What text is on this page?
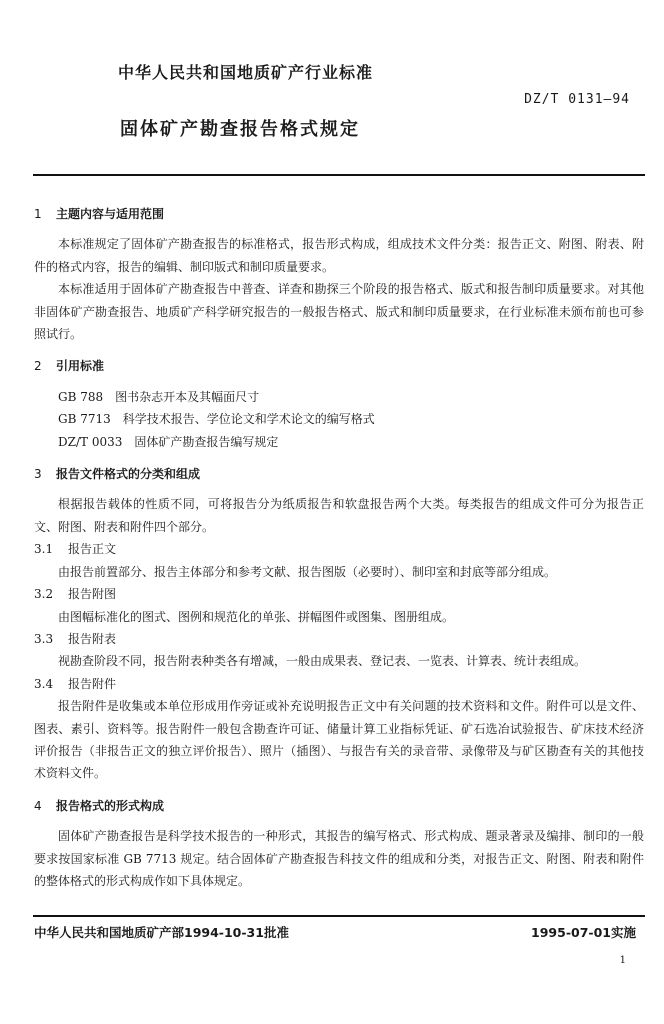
中华人民共和国地质矿产行业标准
DZ/T 0131—94
固体矿产勘查报告格式规定

1 主题内容与适用范围

本标准规定了固体矿产勘查报告的标准格式，报告形式构成，组成技术文件分类：报告正文、附图、附表、附件的格式内容，报告的编辑、制印版式和制印质量要求。

本标准适用于固体矿产勘查报告中普查、详查和勘探三个阶段的报告格式、版式和报告制印质量要求。对其他非固体矿产勘查报告、地质矿产科学研究报告的一般报告格式、版式和制印质量要求，在行业标准未颁布前也可参照试行。

2 引用标准

GB 788　图书杂志开本及其幅面尺寸

GB 7713　科学技术报告、学位论文和学术论文的编写格式

DZ/T 0033　固体矿产勘查报告编写规定

3 报告文件格式的分类和组成

根据报告载体的性质不同，可将报告分为纸质报告和软盘报告两个大类。每类报告的组成文件可分为报告正文、附图、附表和附件四个部分。

3.1 报告正文

由报告前置部分、报告主体部分和参考文献、报告图版（必要时）、制印室和封底等部分组成。

3.2 报告附图

由图幅标准化的图式、图例和规范化的单张、拼幅图件或图集、图册组成。

3.3 报告附表

视勘查阶段不同，报告附表种类各有增减，一般由成果表、登记表、一览表、计算表、统计表组成。

3.4 报告附件

报告附件是收集或本单位形成用作旁证或补充说明报告正文中有关问题的技术资料和文件。附件可以是文件、图表、素引、资料等。报告附件一般包含勘查许可证、储量计算工业指标凭证、矿石选冶试验报告、矿床技术经济评价报告（非报告正文的独立评价报告）、照片（插图）、与报告有关的录音带、录像带及与矿区勘查有关的其他技术资料文件。

4 报告格式的形式构成

固体矿产勘查报告是科学技术报告的一种形式，其报告的编写格式、形式构成、题录著录及编排、制印的一般要求按国家标准 GB 7713 规定。结合固体矿产勘查报告科技文件的组成和分类，对报告正文、附图、附表和附件的整体格式的形式构成作如下具体规定。

中华人民共和国地质矿产部1994-10-31批准	1995-07-01实施
1
